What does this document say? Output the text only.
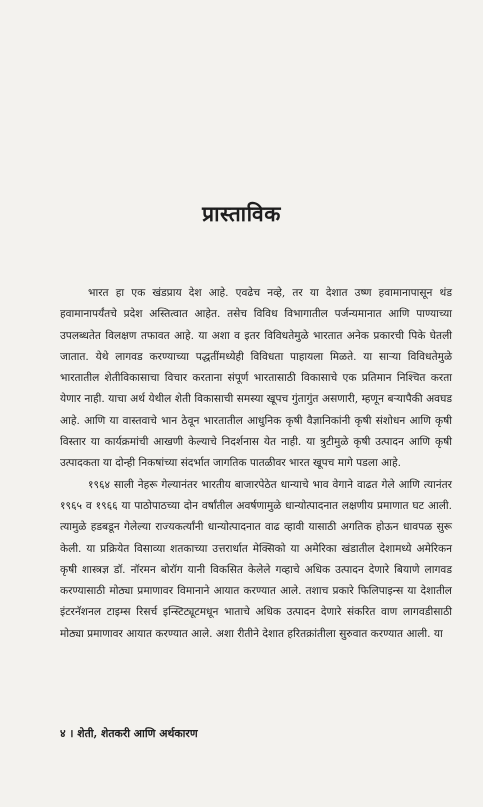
प्रास्ताविक

भारत हा एक खंडप्राय देश आहे. एवढेच नव्हे, तर या देशात उष्ण हवामानापासून थंड हवामानापर्यंतचे प्रदेश अस्तित्वात आहेत. तसेच विविध विभागातील पर्जन्यमानात आणि पाण्याच्या उपलब्धतेत विलक्षण तफावत आहे. या अशा व इतर विविधतेमुळे भारतात अनेक प्रकारची पिके घेतली जातात. येथे लागवड करण्याच्या पद्धतींमध्येही विविधता पाहायला मिळते. या साऱ्या विविधतेमुळे भारतातील शेतीविकासाचा विचार करताना संपूर्ण भारतासाठी विकासाचे एक प्रतिमान निश्चित करता येणार नाही. याचा अर्थ येथील शेती विकासाची समस्या खूपच गुंतागुंत असणारी, म्हणून बऱ्यापैकी अवघड आहे. आणि या वास्तवाचे भान ठेवून भारतातील आधुनिक कृषी वैज्ञानिकांनी कृषी संशोधन आणि कृषी विस्तार या कार्यक्रमांची आखणी केल्याचे निदर्शनास येत नाही. या त्रुटीमुळे कृषी उत्पादन आणि कृषी उत्पादकता या दोन्ही निकषांच्या संदर्भात जागतिक पातळीवर भारत खूपच मागे पडला आहे.

१९६४ साली नेहरू गेल्यानंतर भारतीय बाजारपेठेत धान्याचे भाव वेगाने वाढत गेले आणि त्यानंतर १९६५ व १९६६ या पाठोपाठच्या दोन वर्षांतील अवर्षणामुळे धान्योत्पादनात लक्षणीय प्रमाणात घट आली. त्यामुळे हडबडून गेलेल्या राज्यकर्त्यांनी धान्योत्पादनात वाढ व्हावी यासाठी अगतिक होऊन धावपळ सुरू केली. या प्रक्रियेत विसाव्या शतकाच्या उत्तरार्धात मेक्सिको या अमेरिका खंडातील देशामध्ये अमेरिकन कृषी शास्त्रज्ञ डॉ. नॉरमन बोरॉग यानी विकसित केलेले गव्हाचे अधिक उत्पादन देणारे बियाणे लागवड करण्यासाठी मोठ्या प्रमाणावर विमानाने आयात करण्यात आले. तशाच प्रकारे फिलिपाइन्स या देशातील इंटरनॅशनल टाइम्स रिसर्च इन्स्टिट्यूटमधून भाताचे अधिक उत्पादन देणारे संकरित वाण लागवडीसाठी मोठ्या प्रमाणावर आयात करण्यात आले. अशा रीतीने देशात हरितक्रांतीला सुरुवात करण्यात आली. या

४ । शेती, शेतकरी आणि अर्थकारण
